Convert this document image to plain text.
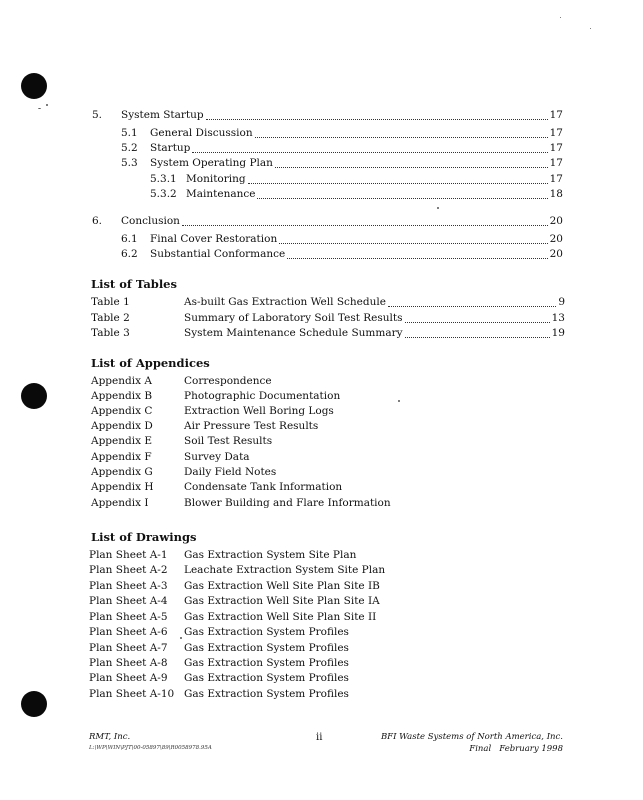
5.	System Startup	17
5.1	General Discussion	17
5.2	Startup	17
5.3	System Operating Plan	17
5.3.1 Monitoring	17
5.3.2 Maintenance	18
6.	Conclusion	20
6.1	Final Cover Restoration	20
6.2	Substantial Conformance	20
List of Tables
Table 1	As-built Gas Extraction Well Schedule	9
Table 2	Summary of Laboratory Soil Test Results	13
Table 3	System Maintenance Schedule Summary	19
List of Appendices
Appendix A	Correspondence
Appendix B	Photographic Documentation
Appendix C	Extraction Well Boring Logs
Appendix D	Air Pressure Test Results
Appendix E	Soil Test Results
Appendix F	Survey Data
Appendix G	Daily Field Notes
Appendix H	Condensate Tank Information
Appendix I	Blower Building and Flare Information
List of Drawings
Plan Sheet A-1 Gas Extraction System Site Plan
Plan Sheet A-2 Leachate Extraction System Site Plan
Plan Sheet A-3 Gas Extraction Well Site Plan Site IB
Plan Sheet A-4 Gas Extraction Well Site Plan Site IA
Plan Sheet A-5 Gas Extraction Well Site Plan Site II
Plan Sheet A-6 Gas Extraction System Profiles
Plan Sheet A-7 Gas Extraction System Profiles
Plan Sheet A-8 Gas Extraction System Profiles
Plan Sheet A-9 Gas Extraction System Profiles
Plan Sheet A-10 Gas Extraction System Profiles
RMT, Inc.
L:\WP\WIN\PJT\00-05897\89\R0058978.95A
ii	BFI Waste Systems of North America, Inc.
Final   February 1998
